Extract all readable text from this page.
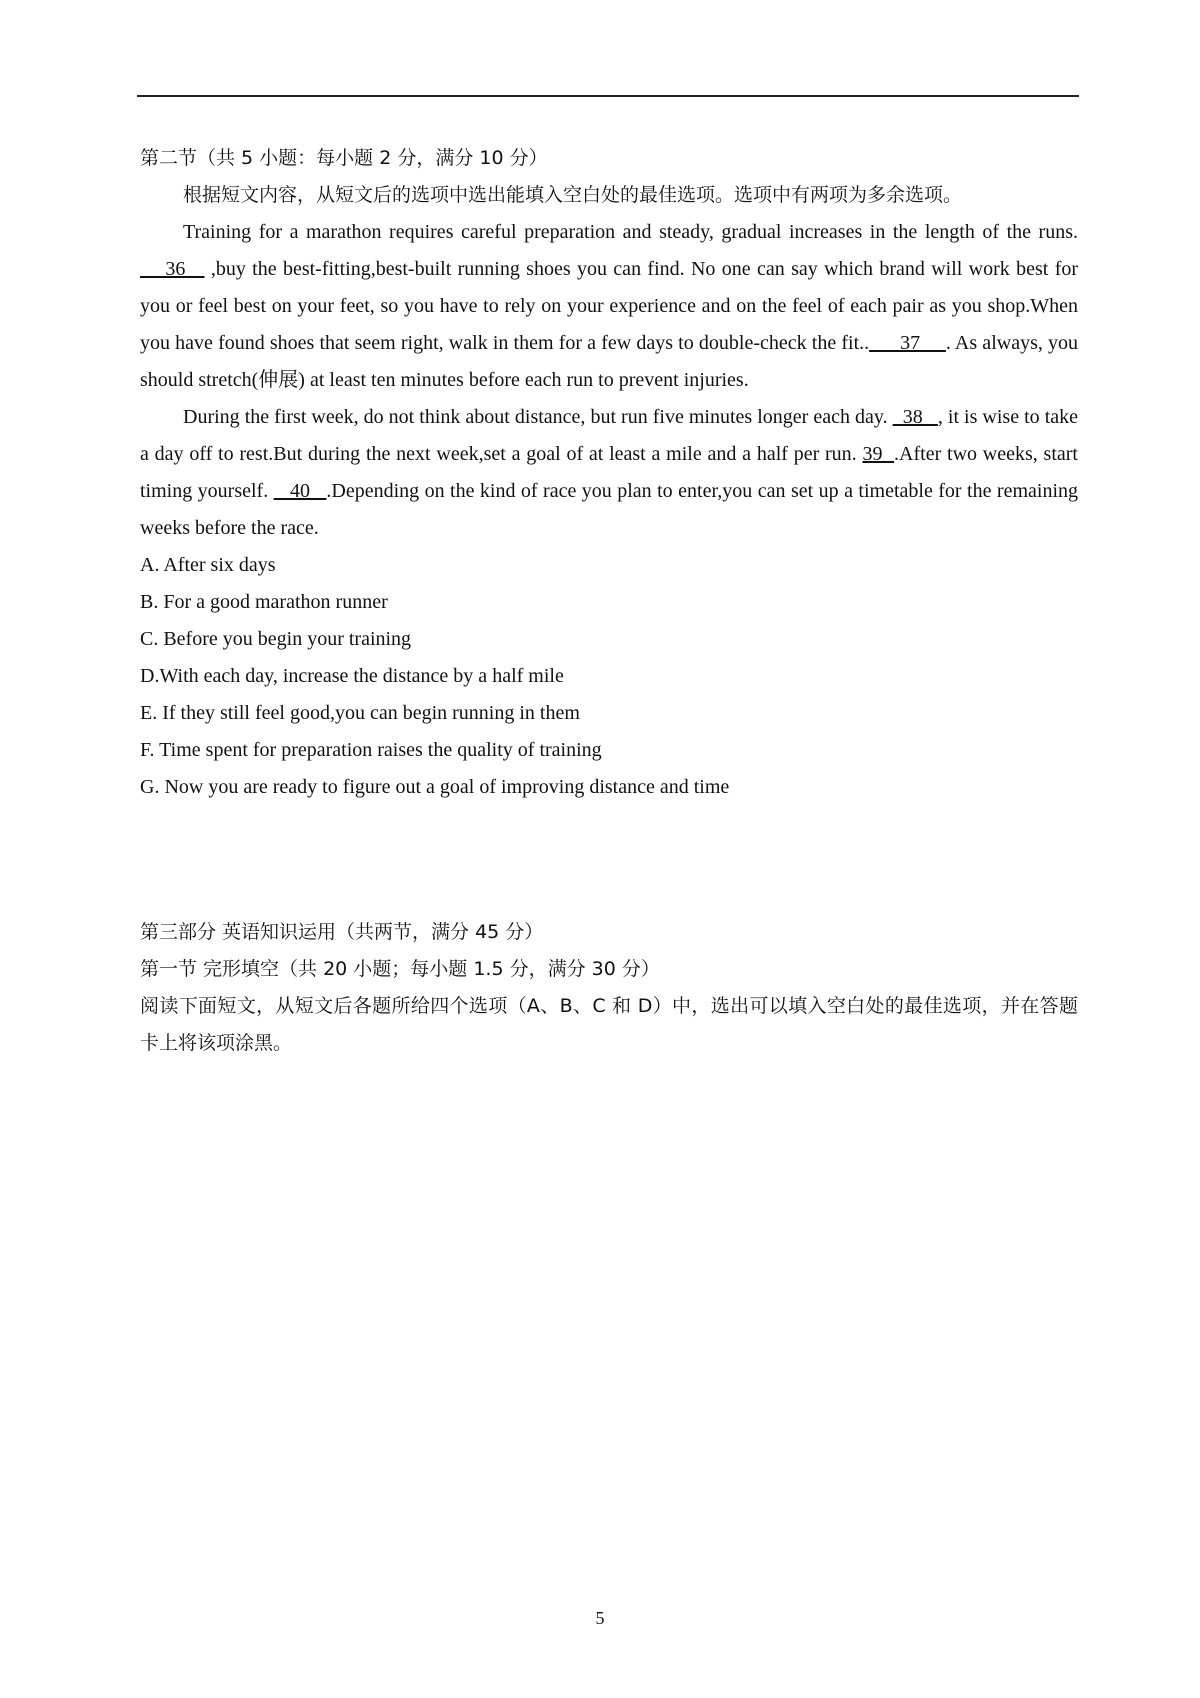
第二节（共 5 小题：每小题 2 分，满分 10 分）

根据短文内容，从短文后的选项中选出能填入空白处的最佳选项。选项中有两项为多余选项。

Training for a marathon requires careful preparation and steady, gradual increases in the length of the runs.     36    ,buy the best-fitting,best-built running shoes you can find. No one can say which brand will work best for you or feel best on your feet, so you have to rely on your experience and on the feel of each pair as you shop.When you have found shoes that seem right, walk in them for a few days to double-check the fit..      37     . As always, you should stretch(伸展) at least ten minutes before each run to prevent injuries.

During the first week, do not think about distance, but run five minutes longer each day.   38   , it is wise to take a day off to rest.But during the next week,set a goal of at least a mile and a half per run. 39  .After two weeks, start timing yourself.    40   .Depending on the kind of race you plan to enter,you can set up a timetable for the remaining weeks before the race.

A. After six days

B. For a good marathon runner

C. Before you begin your training

D.With each day, increase the distance by a half mile

E. If they still feel good,you can begin running in them

F. Time spent for preparation raises the quality of training

G. Now you are ready to figure out a goal of improving distance and time

第三部分 英语知识运用（共两节，满分 45 分）

第一节 完形填空（共 20 小题；每小题 1.5 分，满分 30 分）

阅读下面短文，从短文后各题所给四个选项（A、B、C 和 D）中，选出可以填入空白处的最佳选项，并在答题卡上将该项涂黑。

5
